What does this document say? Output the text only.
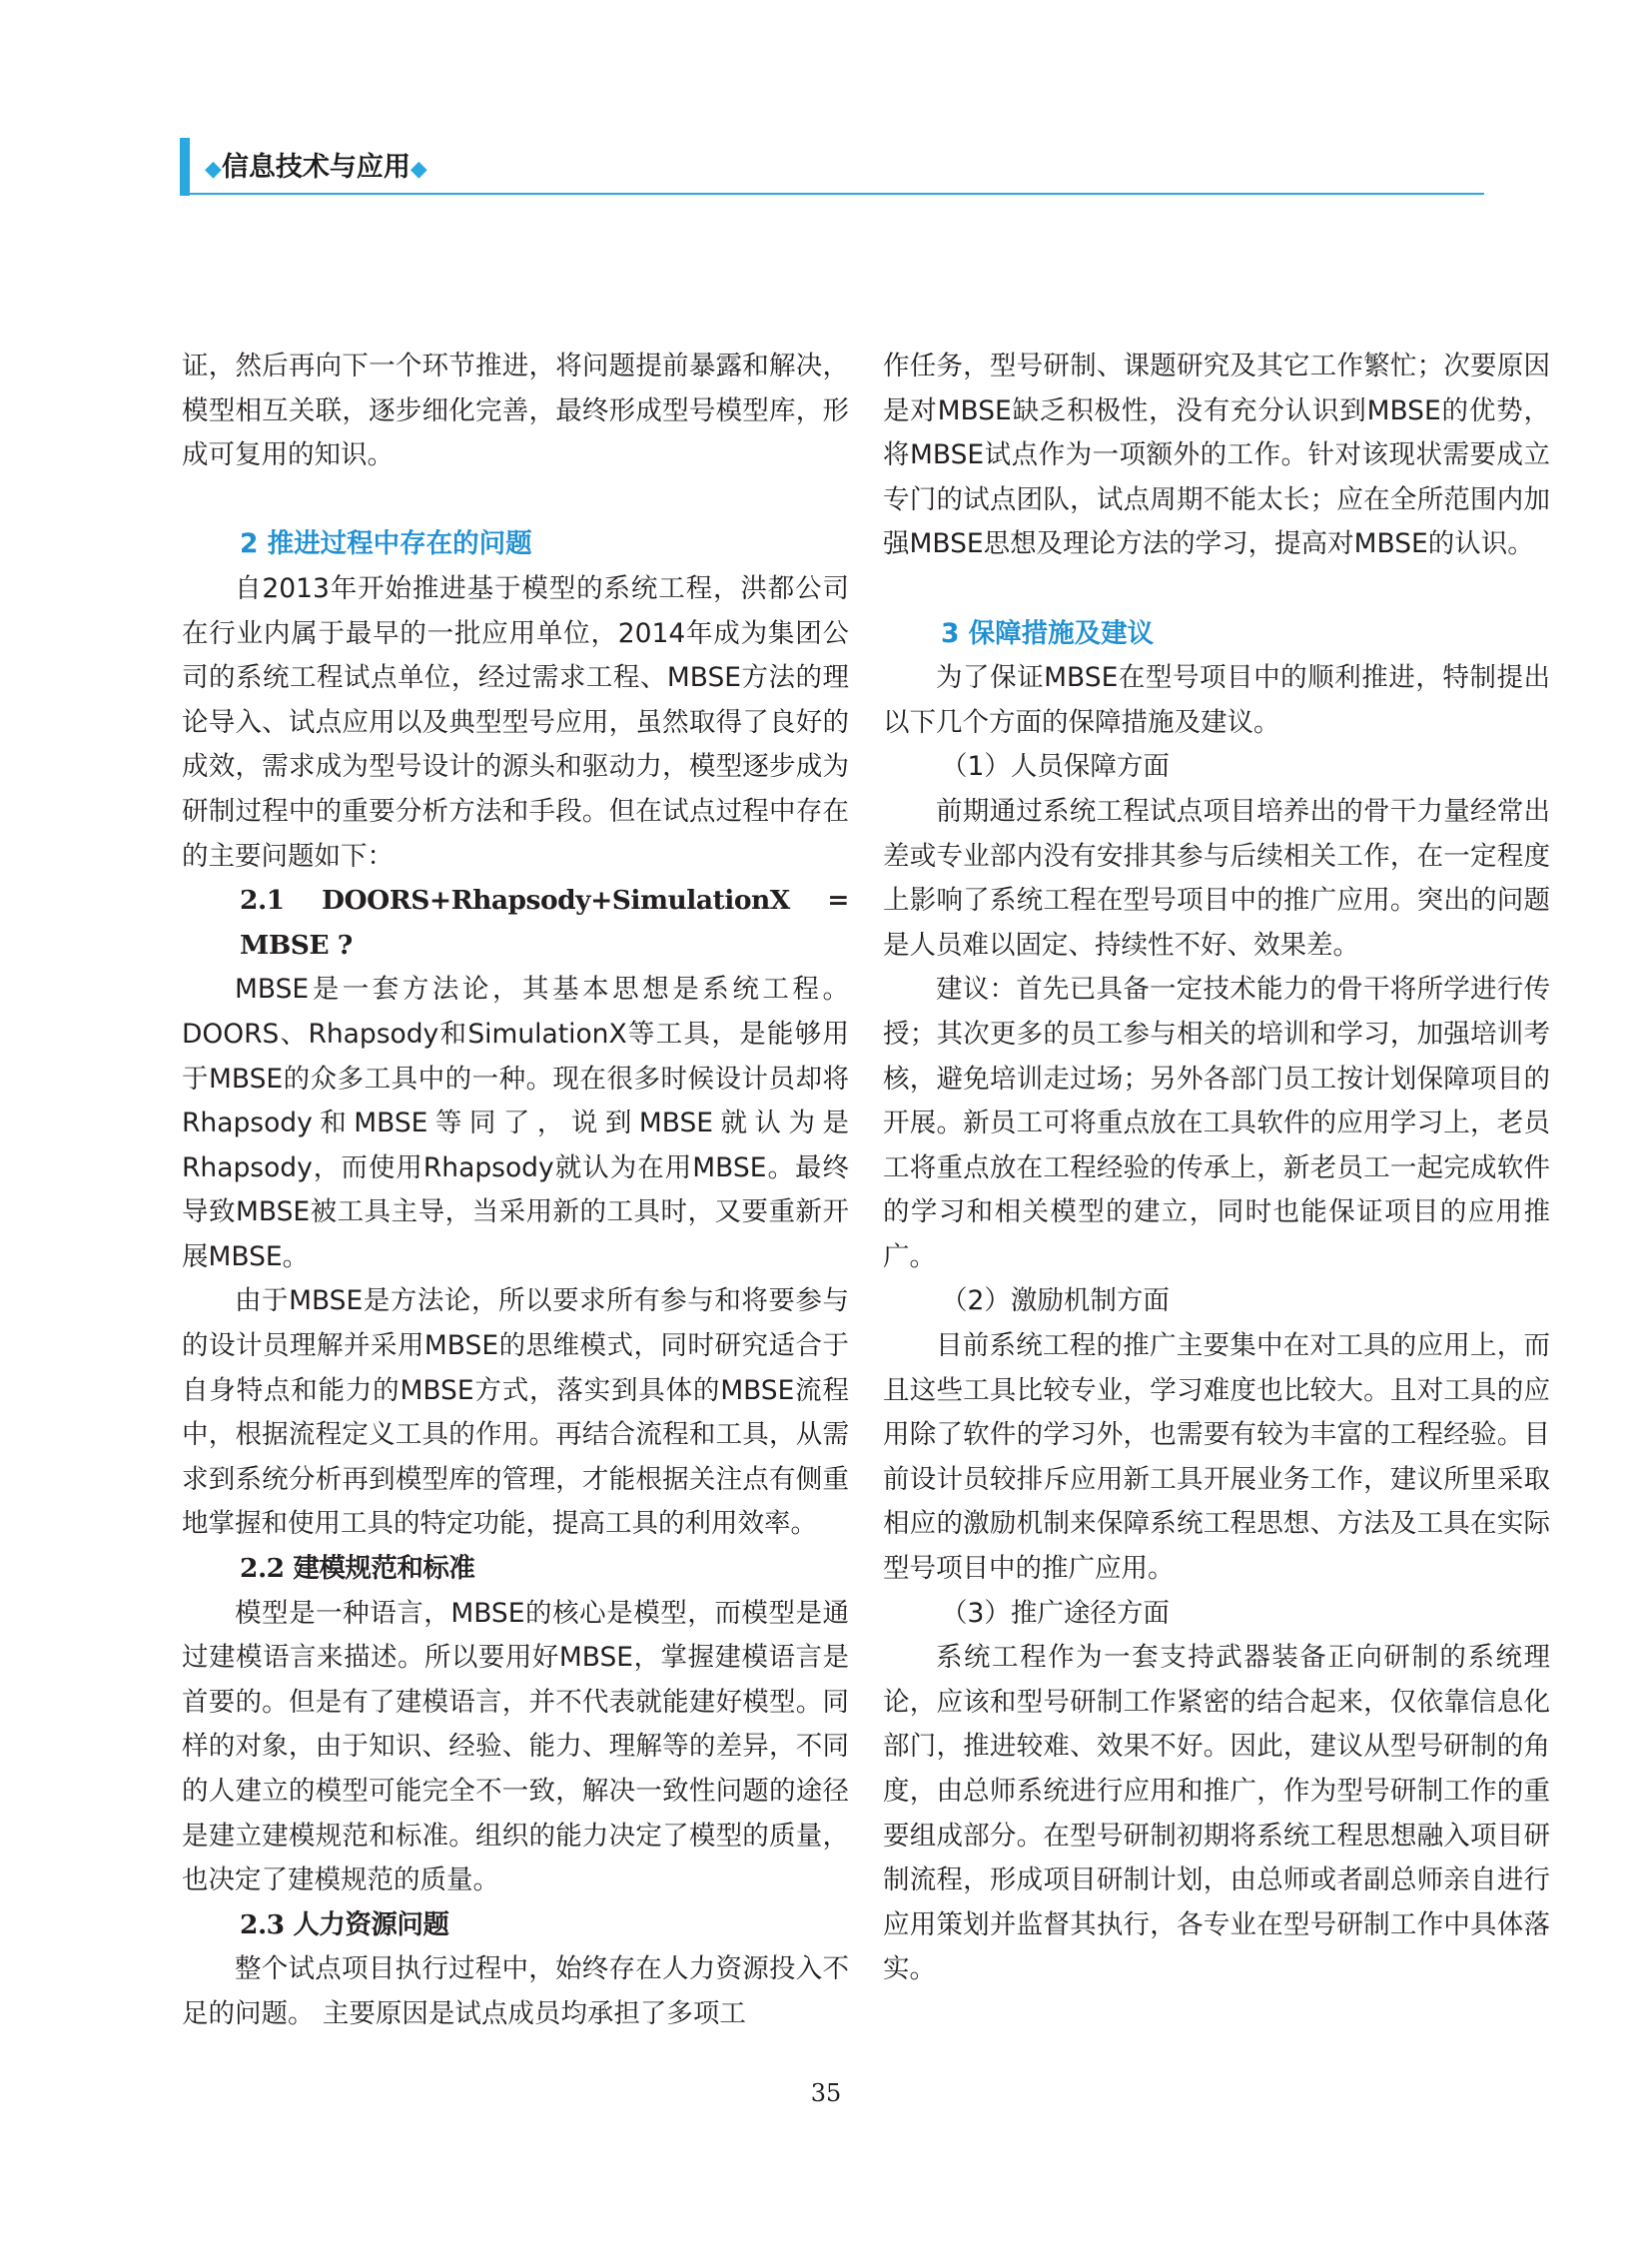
◆信息技术与应用◆

证，然后再向下一个环节推进，将问题提前暴露和解决，模型相互关联，逐步细化完善，最终形成型号模型库，形成可复用的知识。

2 推进过程中存在的问题

自2013年开始推进基于模型的系统工程，洪都公司在行业内属于最早的一批应用单位，2014年成为集团公司的系统工程试点单位，经过需求工程、MBSE方法的理论导入、试点应用以及典型型号应用，虽然取得了良好的成效，需求成为型号设计的源头和驱动力，模型逐步成为研制过程中的重要分析方法和手段。但在试点过程中存在的主要问题如下：

2.1 DOORS+Rhapsody+SimulationX = MBSE ?

MBSE是一套方法论，其基本思想是系统工程。DOORS、Rhapsody和SimulationX等工具，是能够用于MBSE的众多工具中的一种。现在很多时候设计员却将Rhapsody和MBSE等同了，说到MBSE就认为是Rhapsody，而使用Rhapsody就认为在用MBSE。最终导致MBSE被工具主导，当采用新的工具时，又要重新开展MBSE。

由于MBSE是方法论，所以要求所有参与和将要参与的设计员理解并采用MBSE的思维模式，同时研究适合于自身特点和能力的MBSE方式，落实到具体的MBSE流程中，根据流程定义工具的作用。再结合流程和工具，从需求到系统分析再到模型库的管理，才能根据关注点有侧重地掌握和使用工具的特定功能，提高工具的利用效率。

2.2 建模规范和标准

模型是一种语言，MBSE的核心是模型，而模型是通过建模语言来描述。所以要用好MBSE，掌握建模语言是首要的。但是有了建模语言，并不代表就能建好模型。同样的对象，由于知识、经验、能力、理解等的差异，不同的人建立的模型可能完全不一致，解决一致性问题的途径是建立建模规范和标准。组织的能力决定了模型的质量，也决定了建模规范的质量。

2.3 人力资源问题

整个试点项目执行过程中，始终存在人力资源投入不足的问题。 主要原因是试点成员均承担了多项工

作任务，型号研制、课题研究及其它工作繁忙；次要原因是对MBSE缺乏积极性，没有充分认识到MBSE的优势，将MBSE试点作为一项额外的工作。针对该现状需要成立专门的试点团队，试点周期不能太长；应在全所范围内加强MBSE思想及理论方法的学习，提高对MBSE的认识。

3 保障措施及建议

为了保证MBSE在型号项目中的顺利推进，特制提出以下几个方面的保障措施及建议。

（1）人员保障方面

前期通过系统工程试点项目培养出的骨干力量经常出差或专业部内没有安排其参与后续相关工作，在一定程度上影响了系统工程在型号项目中的推广应用。突出的问题是人员难以固定、持续性不好、效果差。

建议：首先已具备一定技术能力的骨干将所学进行传授；其次更多的员工参与相关的培训和学习，加强培训考核，避免培训走过场；另外各部门员工按计划保障项目的开展。新员工可将重点放在工具软件的应用学习上，老员工将重点放在工程经验的传承上，新老员工一起完成软件的学习和相关模型的建立，同时也能保证项目的应用推广。

（2）激励机制方面

目前系统工程的推广主要集中在对工具的应用上，而且这些工具比较专业，学习难度也比较大。且对工具的应用除了软件的学习外，也需要有较为丰富的工程经验。目前设计员较排斥应用新工具开展业务工作，建议所里采取相应的激励机制来保障系统工程思想、方法及工具在实际型号项目中的推广应用。

（3）推广途径方面

系统工程作为一套支持武器装备正向研制的系统理论，应该和型号研制工作紧密的结合起来，仅依靠信息化部门，推进较难、效果不好。因此，建议从型号研制的角度，由总师系统进行应用和推广，作为型号研制工作的重要组成部分。在型号研制初期将系统工程思想融入项目研制流程，形成项目研制计划，由总师或者副总师亲自进行应用策划并监督其执行，各专业在型号研制工作中具体落实。

35
